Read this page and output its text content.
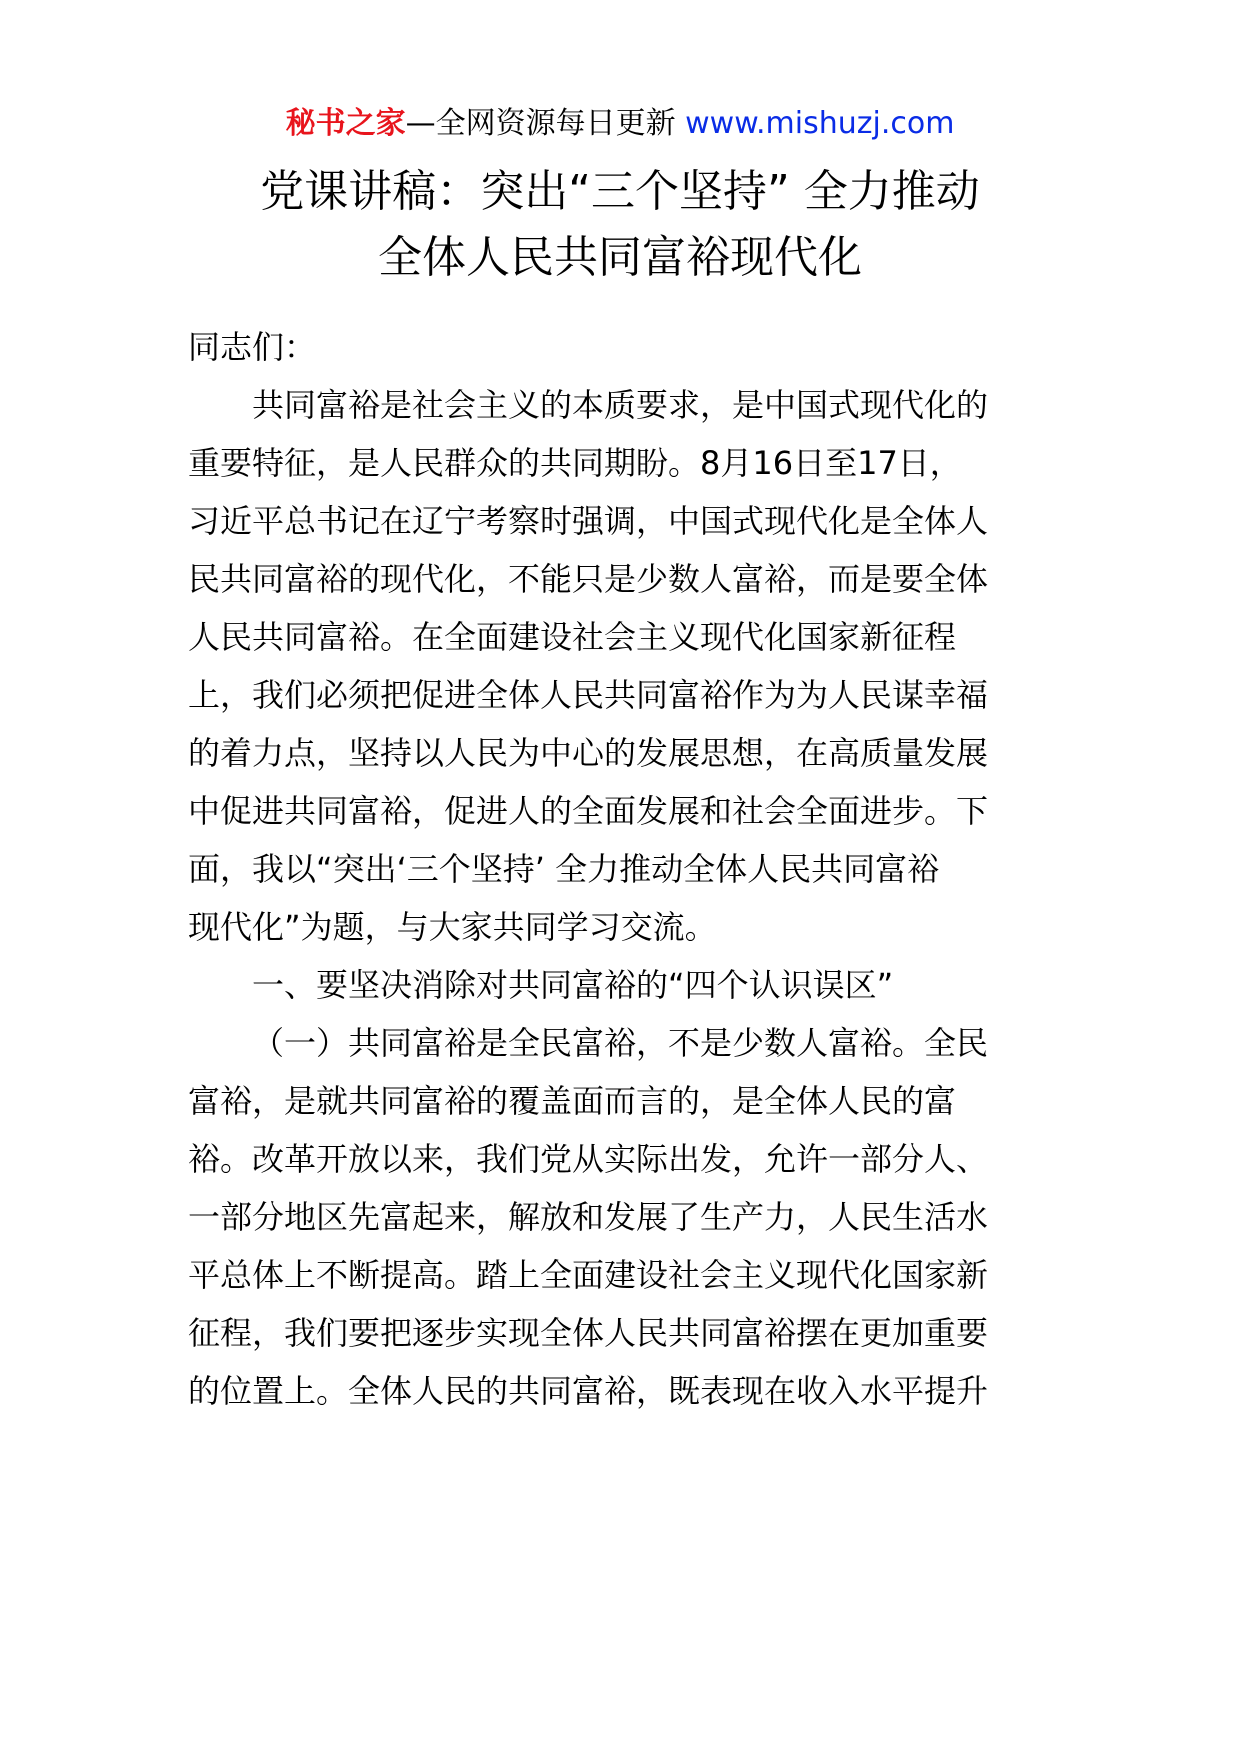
秘书之家—全网资源每日更新 www.mishuzj.com
党课讲稿：突出“三个坚持” 全力推动
全体人民共同富裕现代化
同志们：
共同富裕是社会主义的本质要求，是中国式现代化的
重要特征，是人民群众的共同期盼。8月16日至17日，
习近平总书记在辽宁考察时强调，中国式现代化是全体人
民共同富裕的现代化，不能只是少数人富裕，而是要全体
人民共同富裕。在全面建设社会主义现代化国家新征程
上，我们必须把促进全体人民共同富裕作为为人民谋幸福
的着力点，坚持以人民为中心的发展思想，在高质量发展
中促进共同富裕，促进人的全面发展和社会全面进步。下
面，我以“突出‘三个坚持’ 全力推动全体人民共同富裕
现代化”为题，与大家共同学习交流。
一、要坚决消除对共同富裕的“四个认识误区”
（一）共同富裕是全民富裕，不是少数人富裕。全民
富裕，是就共同富裕的覆盖面而言的，是全体人民的富
裕。改革开放以来，我们党从实际出发，允许一部分人、
一部分地区先富起来，解放和发展了生产力，人民生活水
平总体上不断提高。踏上全面建设社会主义现代化国家新
征程，我们要把逐步实现全体人民共同富裕摆在更加重要
的位置上。全体人民的共同富裕，既表现在收入水平提升
